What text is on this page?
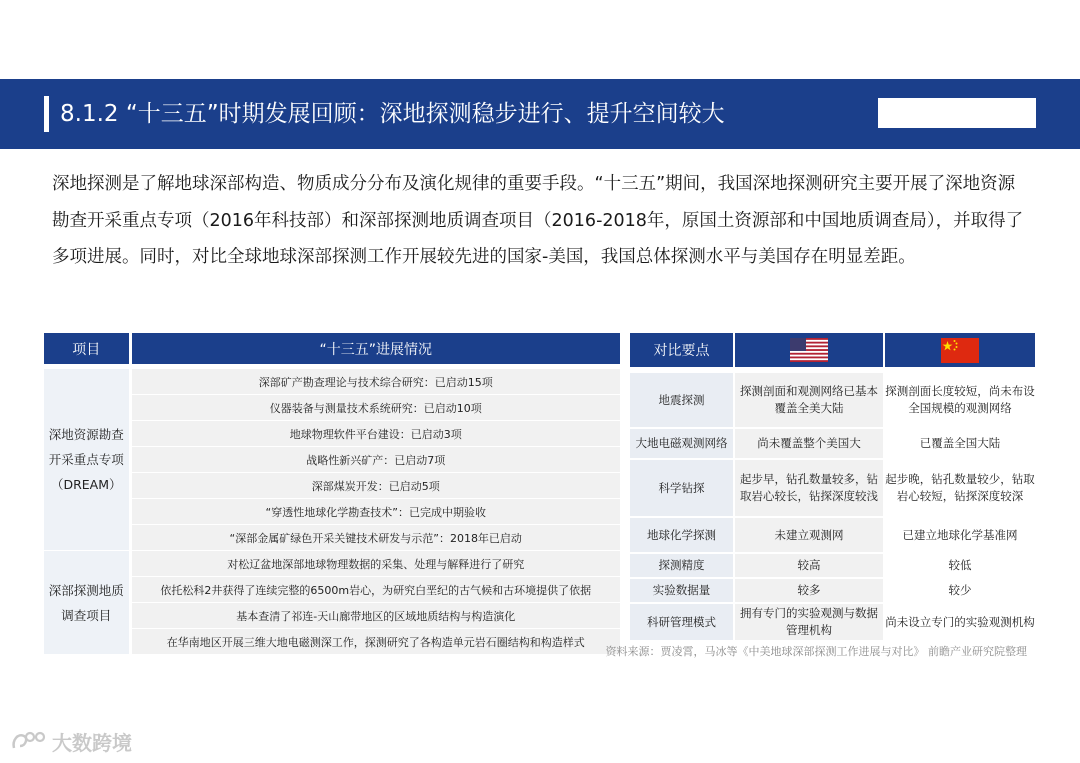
8.1.2 “十三五”时期发展回顾：深地探测稳步进行、提升空间较大
深地探测是了解地球深部构造、物质成分分布及演化规律的重要手段。“十三五”期间，我国深地探测研究主要开展了深地资源勘查开采重点专项（2016年科技部）和深部探测地质调查项目（2016-2018年，原国土资源部和中国地质调查局），并取得了多项进展。同时，对比全球地球深部探测工作开展较先进的国家-美国，我国总体探测水平与美国存在明显差距。
项目	“十三五”进展情况

深地资源勘查开采重点专项（DREAM）	深部矿产勘查理论与技术综合研究：已启动15项
	仪器装备与测量技术系统研究：已启动10项
	地球物理软件平台建设：已启动3项
	战略性新兴矿产：已启动7项
	深部煤炭开发：已启动5项
	“穿透性地球化学勘查技术”：已完成中期验收
	“深部金属矿绿色开采关键技术研发与示范”：2018年已启动
深部探测地质调查项目	对松辽盆地深部地球物理数据的采集、处理与解释进行了研究
	依托松科2井获得了连续完整的6500m岩心，为研究白垩纪的古气候和古环境提供了依据
	基本查清了祁连-天山廊带地区的区域地质结构与构造演化
	在华南地区开展三维大地电磁测深工作，探测研究了各构造单元岩石圈结构和构造样式
对比要点		

地震探测	探测剖面和观测网络已基本覆盖全美大陆	探测剖面长度较短，尚未布设全国规模的观测网络
大地电磁观测网络	尚未覆盖整个美国大	已覆盖全国大陆
科学钻探	起步早，钻孔数量较多，钻取岩心较长，钻探深度较浅	起步晚，钻孔数量较少，钻取岩心较短，钻探深度较深
地球化学探测	未建立观测网	已建立地球化学基准网
探测精度	较高	较低
实验数据量	较多	较少
科研管理模式	拥有专门的实验观测与数据管理机构	尚未设立专门的实验观测机构
资料来源：贾凌霄，马冰等《中美地球深部探测工作进展与对比》 前瞻产业研究院整理
大数跨境
